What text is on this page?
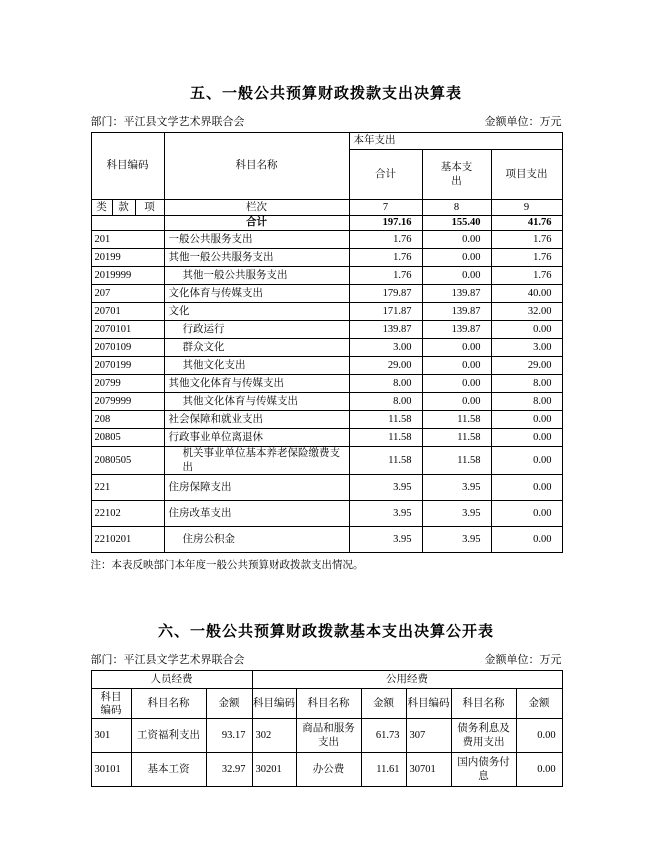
五、一般公共预算财政拨款支出决算表
部门：平江县文学艺术界联合会	金额单位：万元
科目编码			科目名称	本年支出		
				合计	基本支出	项目支出
类	款	项	栏次	7	8	9
			合计	197.16	155.40	41.76
201			一般公共服务支出	1.76	0.00	1.76
20199			其他一般公共服务支出	1.76	0.00	1.76
2019999			其他一般公共服务支出	1.76	0.00	1.76
207			文化体育与传媒支出	179.87	139.87	40.00
20701			文化	171.87	139.87	32.00
2070101			行政运行	139.87	139.87	0.00
2070109			群众文化	3.00	0.00	3.00
2070199			其他文化支出	29.00	0.00	29.00
20799			其他文化体育与传媒支出	8.00	0.00	8.00
2079999			其他文化体育与传媒支出	8.00	0.00	8.00
208			社会保障和就业支出	11.58	11.58	0.00
20805			行政事业单位离退休	11.58	11.58	0.00
2080505			机关事业单位基本养老保险缴费支出	11.58	11.58	0.00
221			住房保障支出	3.95	3.95	0.00
22102			住房改革支出	3.95	3.95	0.00
2210201			住房公积金	3.95	3.95	0.00
注：本表反映部门本年度一般公共预算财政拨款支出情况。
六、一般公共预算财政拨款基本支出决算公开表
部门：平江县文学艺术界联合会	金额单位：万元
人员经费			公用经费					
科目编码	科目名称	金额	科目编码	科目名称	金额	科目编码	科目名称	金额
301	工资福利支出	93.17	302	商品和服务支出	61.73	307	债务利息及费用支出	0.00
30101	基本工资	32.97	30201	办公费	11.61	30701	国内债务付息	0.00
